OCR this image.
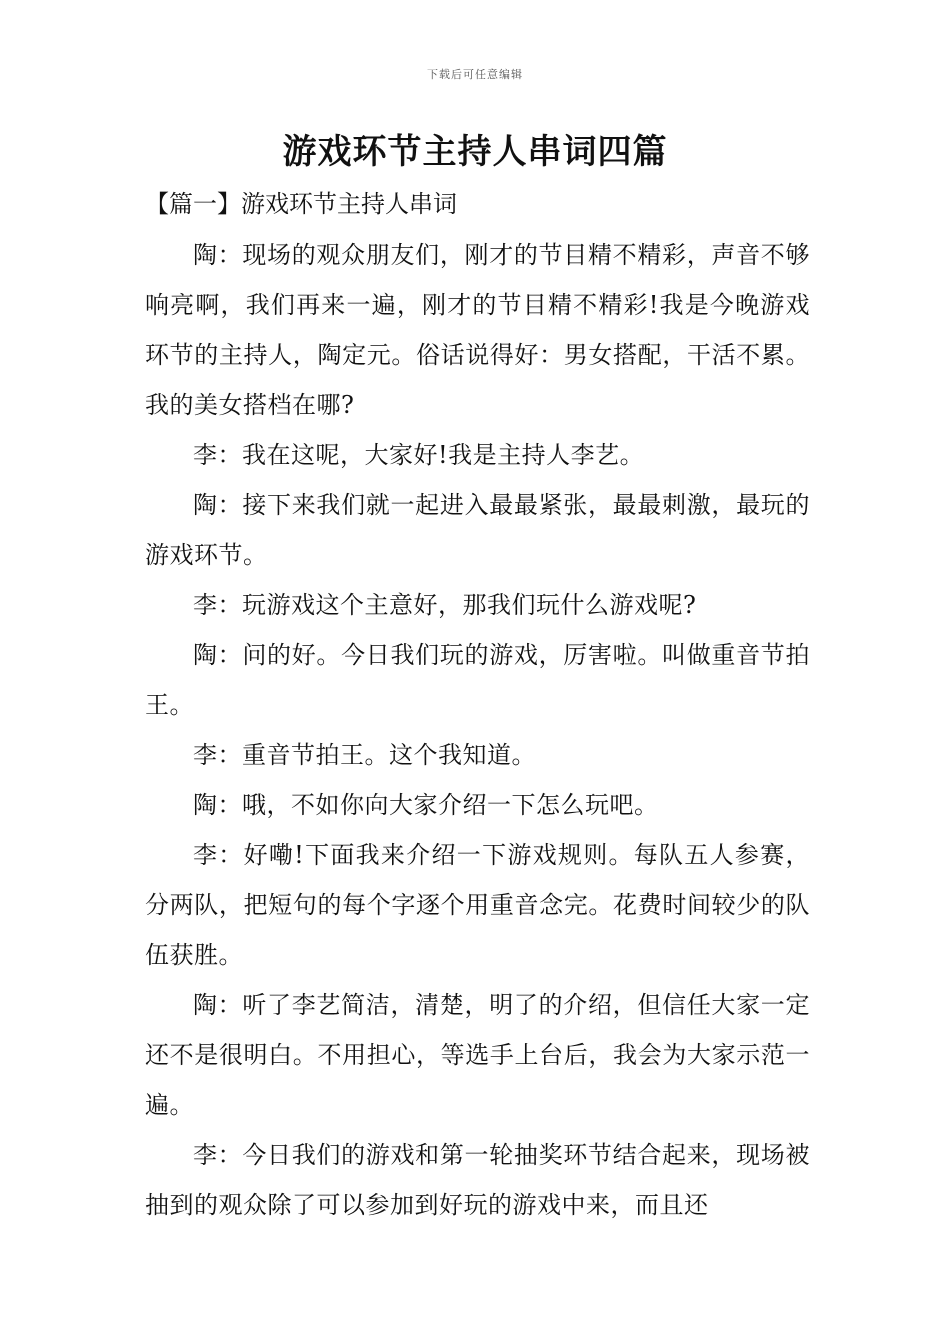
下载后可任意编辑
游戏环节主持人串词四篇
【篇一】游戏环节主持人串词

陶：现场的观众朋友们，刚才的节目精不精彩，声音不够响亮啊，我们再来一遍，刚才的节目精不精彩!我是今晚游戏环节的主持人，陶定元。俗话说得好：男女搭配，干活不累。我的美女搭档在哪?

李：我在这呢，大家好!我是主持人李艺。

陶：接下来我们就一起进入最最紧张，最最刺激，最玩的游戏环节。

李：玩游戏这个主意好，那我们玩什么游戏呢?

陶：问的好。今日我们玩的游戏，厉害啦。叫做重音节拍王。

李：重音节拍王。这个我知道。

陶：哦，不如你向大家介绍一下怎么玩吧。

李：好嘞!下面我来介绍一下游戏规则。每队五人参赛，分两队，把短句的每个字逐个用重音念完。花费时间较少的队伍获胜。

陶：听了李艺简洁，清楚，明了的介绍，但信任大家一定还不是很明白。不用担心，等选手上台后，我会为大家示范一遍。

李：今日我们的游戏和第一轮抽奖环节结合起来，现场被抽到的观众除了可以参加到好玩的游戏中来，而且还
